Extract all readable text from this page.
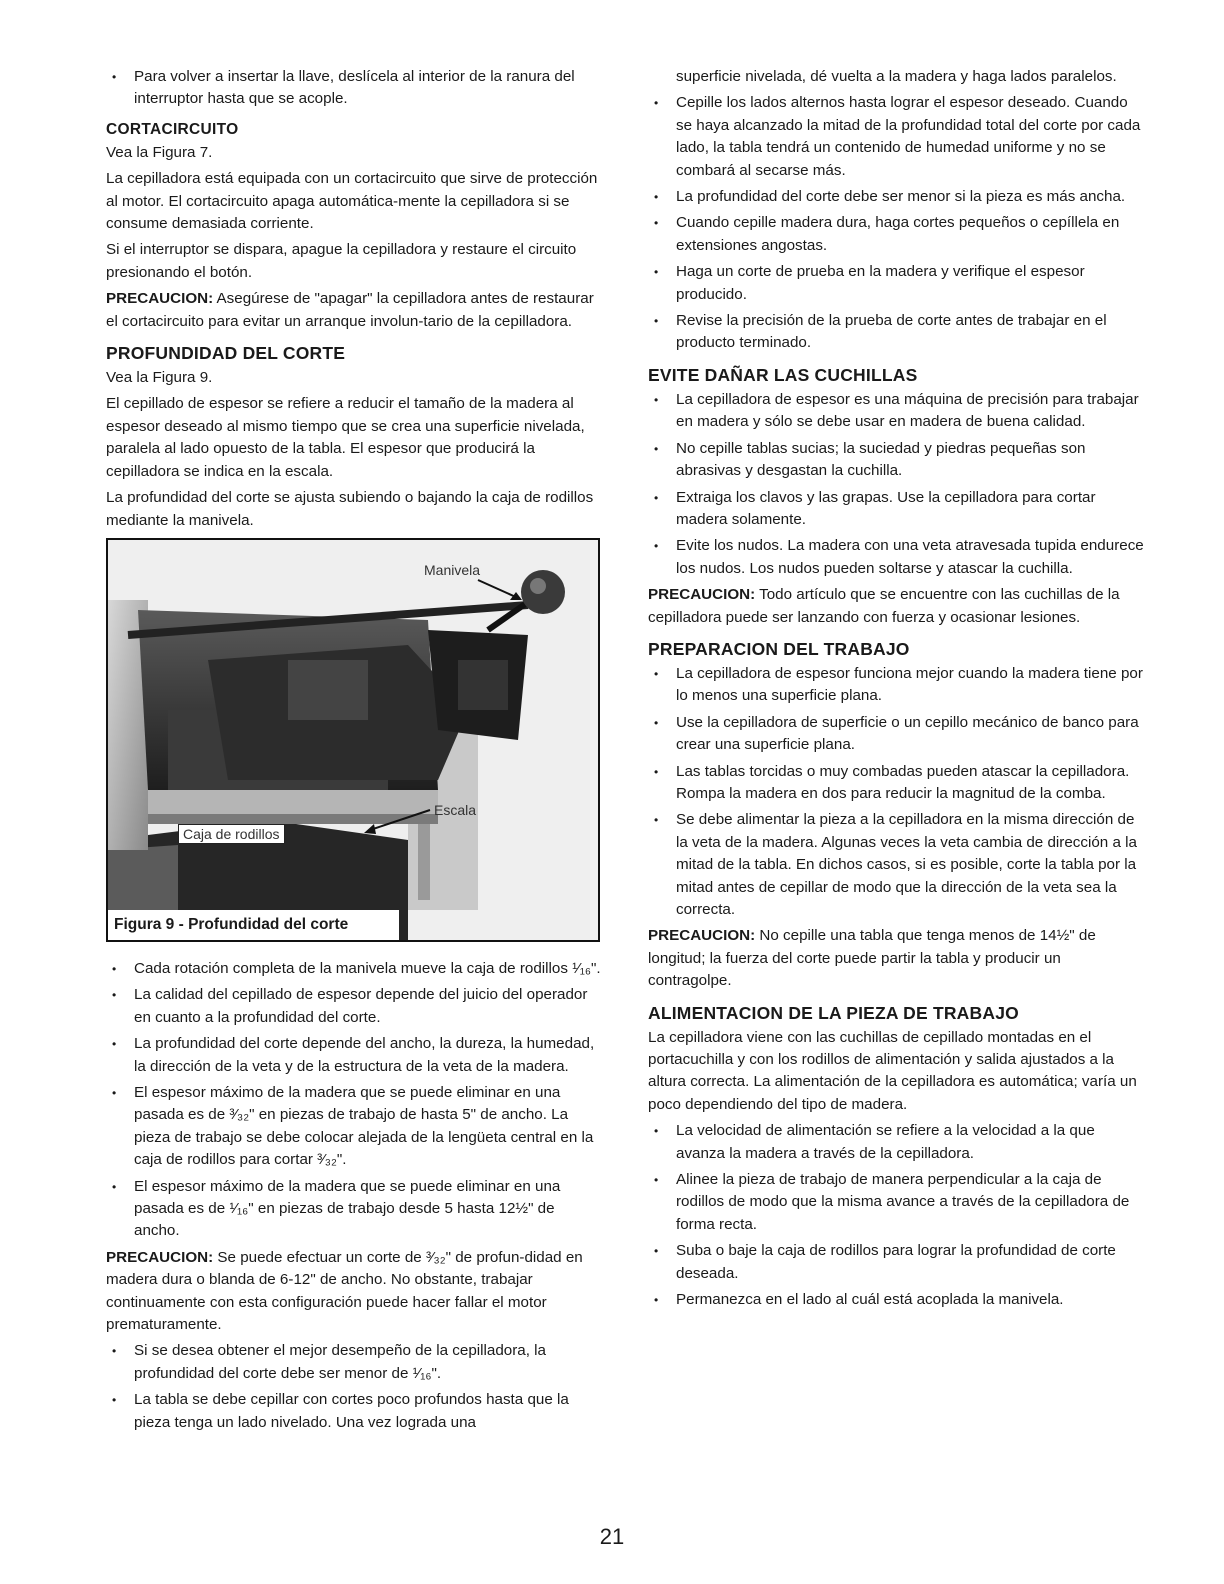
• Para volver a insertar la llave, deslícela al interior de la ranura del interruptor hasta que se acople.
CORTACIRCUITO

Vea la Figura 7.

La cepilladora está equipada con un cortacircuito que sirve de protección al motor. El cortacircuito apaga automática-mente la cepilladora si se consume demasiada corriente.

Si el interruptor se dispara, apague la cepilladora y restaure el circuito presionando el botón.

PRECAUCION: Asegúrese de "apagar" la cepilladora antes de restaurar el cortacircuito para evitar un arranque involun-tario de la cepilladora.

PROFUNDIDAD DEL CORTE

Vea la Figura 9.

El cepillado de espesor se refiere a reducir el tamaño de la madera al espesor deseado al mismo tiempo que se crea una superficie nivelada, paralela al lado opuesto de la tabla. El espesor que producirá la cepilladora se indica en la escala.

La profundidad del corte se ajusta subiendo o bajando la caja de rodillos mediante la manivela.

Manivela
Escala
Caja de rodillos
Figura 9 - Profundidad del corte
• Cada rotación completa de la manivela mueve la caja de rodillos ¹⁄₁₆".
• La calidad del cepillado de espesor depende del juicio del operador en cuanto a la profundidad del corte.
• La profundidad del corte depende del ancho, la dureza, la humedad, la dirección de la veta y de la estructura de la veta de la madera.
• El espesor máximo de la madera que se puede eliminar en una pasada es de ³⁄₃₂" en piezas de trabajo de hasta 5" de ancho. La pieza de trabajo se debe colocar alejada de la lengüeta central en la caja de rodillos para cortar ³⁄₃₂".
• El espesor máximo de la madera que se puede eliminar en una pasada es de ¹⁄₁₆" en piezas de trabajo desde 5 hasta 12½" de ancho.

PRECAUCION: Se puede efectuar un corte de ³⁄₃₂" de profun-didad en madera dura o blanda de 6-12" de ancho. No obstante, trabajar continuamente con esta configuración puede hacer fallar el motor prematuramente.

• Si se desea obtener el mejor desempeño de la cepilladora, la profundidad del corte debe ser menor de ¹⁄₁₆".
• La tabla se debe cepillar con cortes poco profundos hasta que la pieza tenga un lado nivelado. Una vez lograda una

superficie nivelada, dé vuelta a la madera y haga lados paralelos.

• Cepille los lados alternos hasta lograr el espesor deseado. Cuando se haya alcanzado la mitad de la profundidad total del corte por cada lado, la tabla tendrá un contenido de humedad uniforme y no se combará al secarse más.
• La profundidad del corte debe ser menor si la pieza es más ancha.
• Cuando cepille madera dura, haga cortes pequeños o cepíllela en extensiones angostas.
• Haga un corte de prueba en la madera y verifique el espesor producido.
• Revise la precisión de la prueba de corte antes de trabajar en el producto terminado.
EVITE DAÑAR LAS CUCHILLAS
• La cepilladora de espesor es una máquina de precisión para trabajar en madera y sólo se debe usar en madera de buena calidad.
• No cepille tablas sucias; la suciedad y piedras pequeñas son abrasivas y desgastan la cuchilla.
• Extraiga los clavos y las grapas. Use la cepilladora para cortar madera solamente.
• Evite los nudos. La madera con una veta atravesada tupida endurece los nudos. Los nudos pueden soltarse y atascar la cuchilla.

PRECAUCION: Todo artículo que se encuentre con las cuchillas de la cepilladora puede ser lanzando con fuerza y ocasionar lesiones.

PREPARACION DEL TRABAJO
• La cepilladora de espesor funciona mejor cuando la madera tiene por lo menos una superficie plana.
• Use la cepilladora de superficie o un cepillo mecánico de banco para crear una superficie plana.
• Las tablas torcidas o muy combadas pueden atascar la cepilladora. Rompa la madera en dos para reducir la magnitud de la comba.
• Se debe alimentar la pieza a la cepilladora en la misma dirección de la veta de la madera. Algunas veces la veta cambia de dirección a la mitad de la tabla. En dichos casos, si es posible, corte la tabla por la mitad antes de cepillar de modo que la dirección de la veta sea la correcta.

PRECAUCION: No cepille una tabla que tenga menos de 14½" de longitud; la fuerza del corte puede partir la tabla y producir un contragolpe.

ALIMENTACION DE LA PIEZA DE TRABAJO

La cepilladora viene con las cuchillas de cepillado montadas en el portacuchilla y con los rodillos de alimentación y salida ajustados a la altura correcta. La alimentación de la cepilladora es automática; varía un poco dependiendo del tipo de madera.

• La velocidad de alimentación se refiere a la velocidad a la que avanza la madera a través de la cepilladora.
• Alinee la pieza de trabajo de manera perpendicular a la caja de rodillos de modo que la misma avance a través de la cepilladora de forma recta.
• Suba o baje la caja de rodillos para lograr la profundidad de corte deseada.
• Permanezca en el lado al cuál está acoplada la manivela.
21
